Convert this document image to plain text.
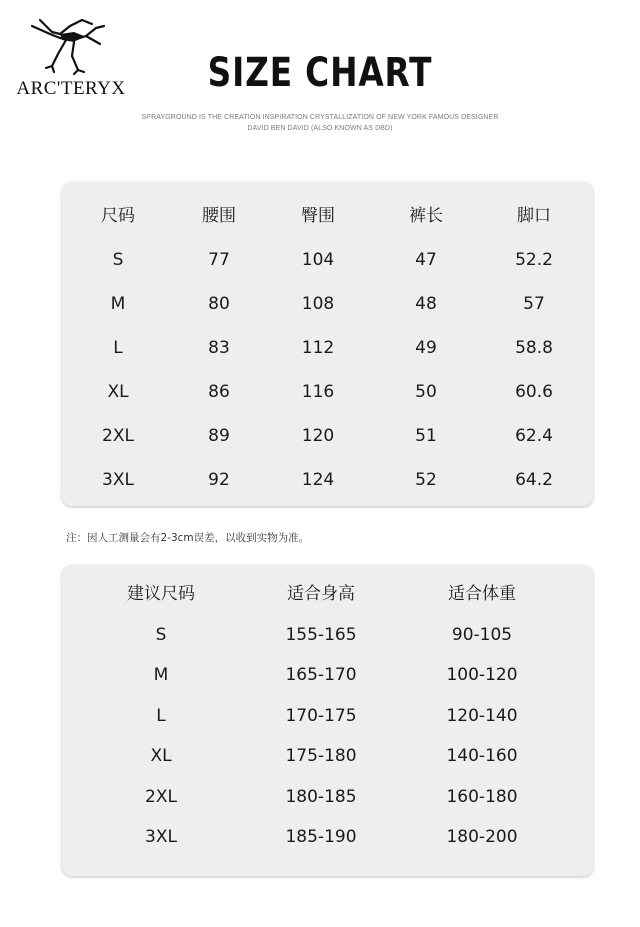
ARC'TERYX	SIZE CHART
SPRAYGROUND IS THE CREATION INSPIRATION CRYSTALLIZATION OF NEW YORK FAMOUS DESIGNER
DAVID BEN DAVID (ALSO KNOWN AS DBD)
尺码	腰围	臀围	裤长	脚口
S	77	104	47	52.2
M	80	108	48	57
L	83	112	49	58.8
XL	86	116	50	60.6
2XL	89	120	51	62.4
3XL	92	124	52	64.2
注：因人工测量会有2-3cm误差，以收到实物为准。
建议尺码	适合身高	适合体重
S	155-165	90-105
M	165-170	100-120
L	170-175	120-140
XL	175-180	140-160
2XL	180-185	160-180
3XL	185-190	180-200
